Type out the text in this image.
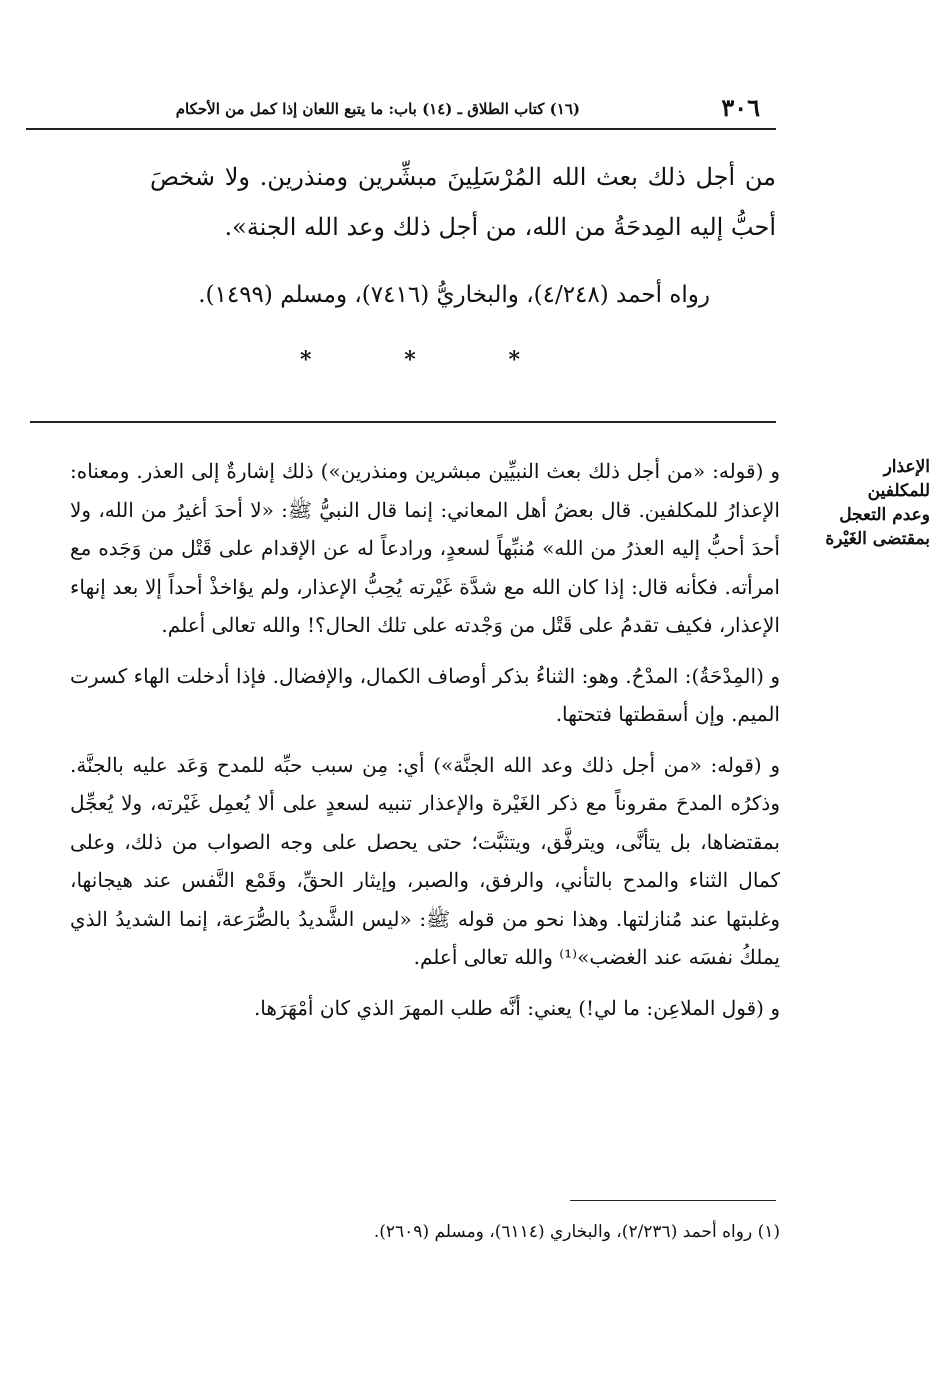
٣٠٦
(١٦) كتاب الطلاق ـ (١٤) باب: ما يتبع اللعان إذا كمل من الأحكام
من أجل ذلك بعث الله المُرْسَلِينَ مبشِّرين ومنذرين. ولا شخصَ أحبُّ إليه المِدحَةُ من الله، من أجل ذلك وعد الله الجنة».
رواه أحمد (٤/٢٤٨)، والبخاريُّ (٧٤١٦)، ومسلم (١٤٩٩).
*	*	*
الإعذار
للمكلفين
وعدم التعجل
بمقتضى الغَيْرة

و (قوله: «من أجل ذلك بعث النبيِّين مبشرين ومنذرين») ذلك إشارةٌ إلى العذر. ومعناه: الإعذارُ للمكلفين. قال بعضُ أهل المعاني: إنما قال النبيُّ ﷺ: «لا أحدَ أغيرُ من الله، ولا أحدَ أحبُّ إليه العذرُ من الله» مُنبِّهاً لسعدٍ، ورادعاً له عن الإقدام على قَتْل من وَجَده مع امرأته. فكأنه قال: إذا كان الله مع شدَّة غَيْرته يُحِبُّ الإعذار، ولم يؤاخذْ أحداً إلا بعد إنهاء الإعذار، فكيف تقدمُ على قَتْل من وَجْدته على تلك الحال؟! والله تعالى أعلم.

و (المِدْحَةُ): المدْحُ. وهو: الثناءُ بذكر أوصاف الكمال، والإفضال. فإذا أدخلت الهاء كسرت الميم. وإن أسقطتها فتحتها.

و (قوله: «من أجل ذلك وعد الله الجنَّة») أي: مِن سبب حبِّه للمدح وَعَد عليه بالجنَّة. وذكرُه المدحَ مقروناً مع ذكر الغَيْرة والإعذار تنبيه لسعدٍ على ألا يُعمِل غَيْرته، ولا يُعجِّل بمقتضاها، بل يتأنَّى، ويترفَّق، ويتثبَّت؛ حتى يحصل على وجه الصواب من ذلك، وعلى كمال الثناء والمدح بالتأني، والرفق، والصبر، وإيثار الحقِّ، وقَمْع النَّفس عند هيجانها، وغلبتها عند مُنازلتها. وهذا نحو من قوله ﷺ: «ليس الشَّديدُ بالصُّرَعة، إنما الشديدُ الذي يملكُ نفسَه عند الغضب»⁽¹⁾ والله تعالى أعلم.

و (قول الملاعِن: ما لي!) يعني: أنَّه طلب المهرَ الذي كان أمْهَرَها.

(١) رواه أحمد (٢/٢٣٦)، والبخاري (٦١١٤)، ومسلم (٢٦٠٩).
